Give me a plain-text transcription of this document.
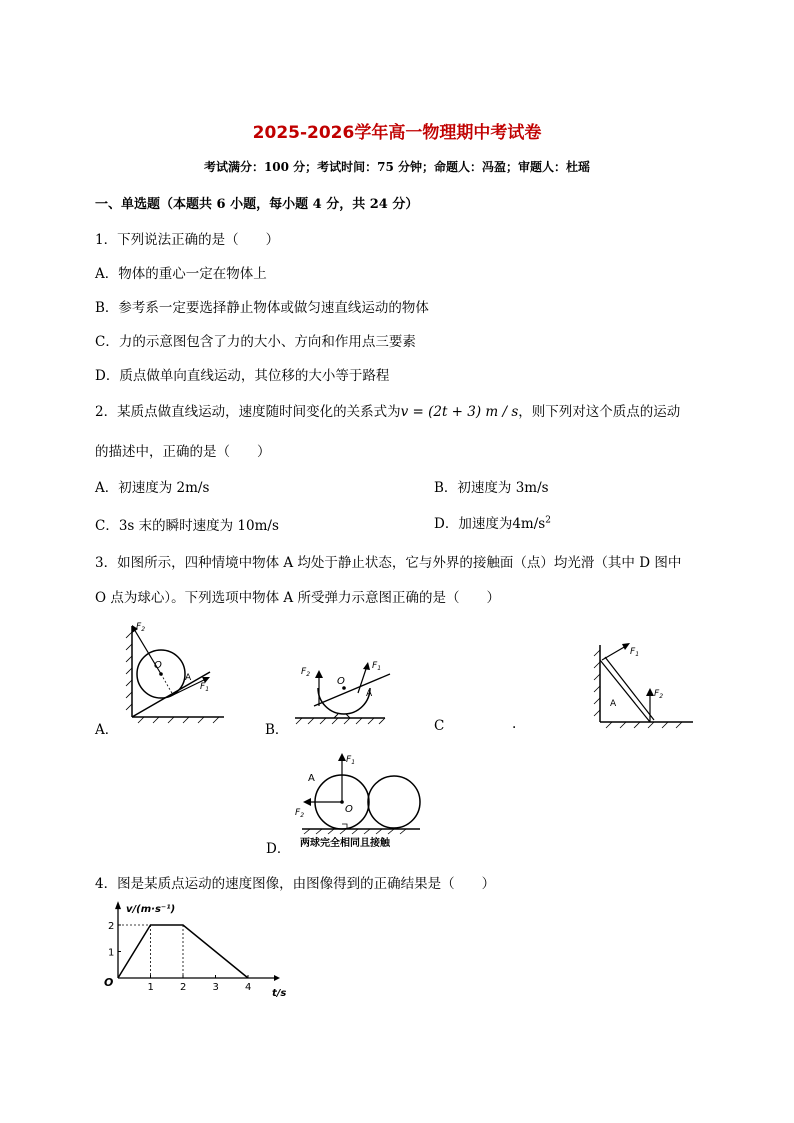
2025-2026学年高一物理期中考试卷
考试满分：100 分；考试时间：75 分钟；命题人：冯盈；审题人：杜瑶
一、单选题（本题共 6 小题，每小题 4 分，共 24 分）
1．下列说法正确的是（　　）
A．物体的重心一定在物体上
B．参考系一定要选择静止物体或做匀速直线运动的物体
C．力的示意图包含了力的大小、方向和作用点三要素
D．质点做单向直线运动，其位移的大小等于路程
2．某质点做直线运动，速度随时间变化的关系式为v = (2t + 3) m / s，则下列对这个质点的运动
的描述中，正确的是（　　）
A．初速度为 2m/s	B．初速度为 3m/s
C．3s 末的瞬时速度为 10m/s	D．加速度为$4m/s^2$
3．如图所示，四种情境中物体 A 均处于静止状态，它与外界的接触面（点）均光滑（其中 D 图中
O 点为球心）。下列选项中物体 A 所受弹力示意图正确的是（　　）
A．
O
A
$F_2$
$F_1$
B．
O
A
$F_2$
$F_1$
C	.
A
$F_1$
$F_2$
D．
O
A
$F_1$
$F_2$
两球完全相同且接触
4．图是某质点运动的速度图像，由图像得到的正确结果是（　　）
1	2	3	4
1
2
v/(m·s⁻¹)
t/s
O
